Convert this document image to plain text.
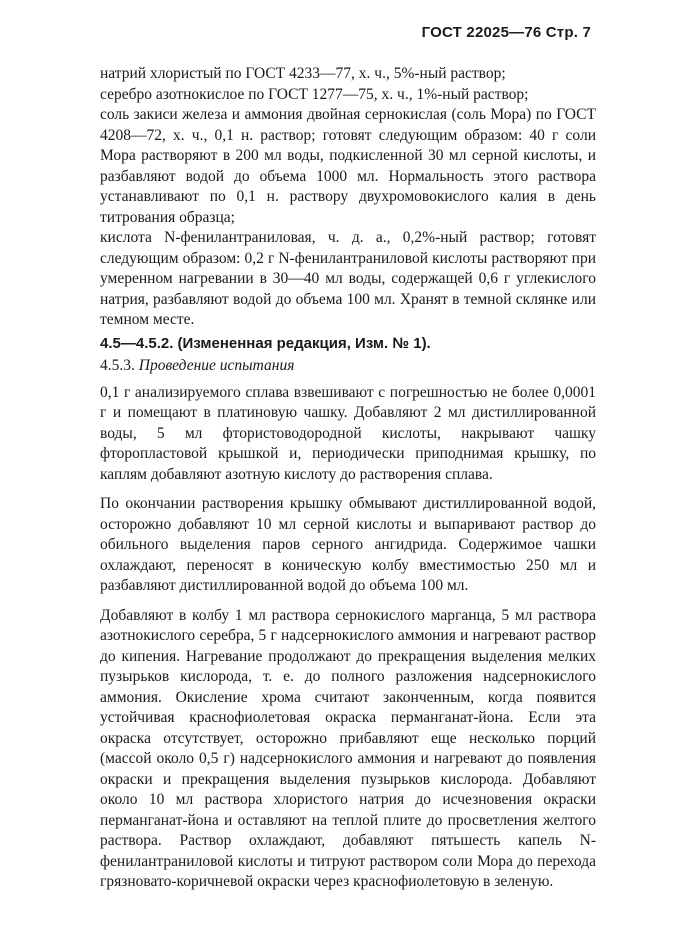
ГОСТ 22025—76 Стр. 7

натрий хлористый по ГОСТ 4233—77, х. ч., 5%-ный раствор;

серебро азотнокислое по ГОСТ 1277—75, х. ч., 1%-ный раствор;

соль закиси железа и аммония двойная сернокислая (соль Мора) по ГОСТ 4208—72, х. ч., 0,1 н. раствор; готовят следующим образом: 40 г соли Мора растворяют в 200 мл воды, подкисленной 30 мл серной кислоты, и разбавляют водой до объема 1000 мл. Нормальность этого раствора устанавливают по 0,1 н. раствору двухромовокислого калия в день титрования образца;

кислота N-фенилантраниловая, ч. д. а., 0,2%-ный раствор; готовят следующим образом: 0,2 г N-фенилантраниловой кислоты растворяют при умеренном нагревании в 30—40 мл воды, содержащей 0,6 г углекислого натрия, разбавляют водой до объема 100 мл. Хранят в темной склянке или темном месте.

4.5—4.5.2. (Измененная редакция, Изм. № 1).

4.5.3. Проведение испытания

0,1 г анализируемого сплава взвешивают с погрешностью не более 0,0001 г и помещают в платиновую чашку. Добавляют 2 мл дистиллированной воды, 5 мл фтористоводородной кислоты, накрывают чашку фторопластовой крышкой и, периодически приподнимая крышку, по каплям добавляют азотную кислоту до растворения сплава.

По окончании растворения крышку обмывают дистиллированной водой, осторожно добавляют 10 мл серной кислоты и выпаривают раствор до обильного выделения паров серного ангидрида. Содержимое чашки охлаждают, переносят в коническую колбу вместимостью 250 мл и разбавляют дистиллированной водой до объема 100 мл.

Добавляют в колбу 1 мл раствора сернокислого марганца, 5 мл раствора азотнокислого серебра, 5 г надсернокислого аммония и нагревают раствор до кипения. Нагревание продолжают до прекращения выделения мелких пузырьков кислорода, т. е. до полного разложения надсернокислого аммония. Окисление хрома считают законченным, когда появится устойчивая краснофиолетовая окраска перманганат-йона. Если эта окраска отсутствует, осторожно прибавляют еще несколько порций (массой около 0,5 г) надсернокислого аммония и нагревают до появления окраски и прекращения выделения пузырьков кислорода. Добавляют около 10 мл раствора хлористого натрия до исчезновения окраски перманганат-йона и оставляют на теплой плите до просветления желтого раствора. Раствор охлаждают, добавляют пятьшесть капель N-фенилантраниловой кислоты и титруют раствором соли Мора до перехода грязновато-коричневой окраски через краснофиолетовую в зеленую.
